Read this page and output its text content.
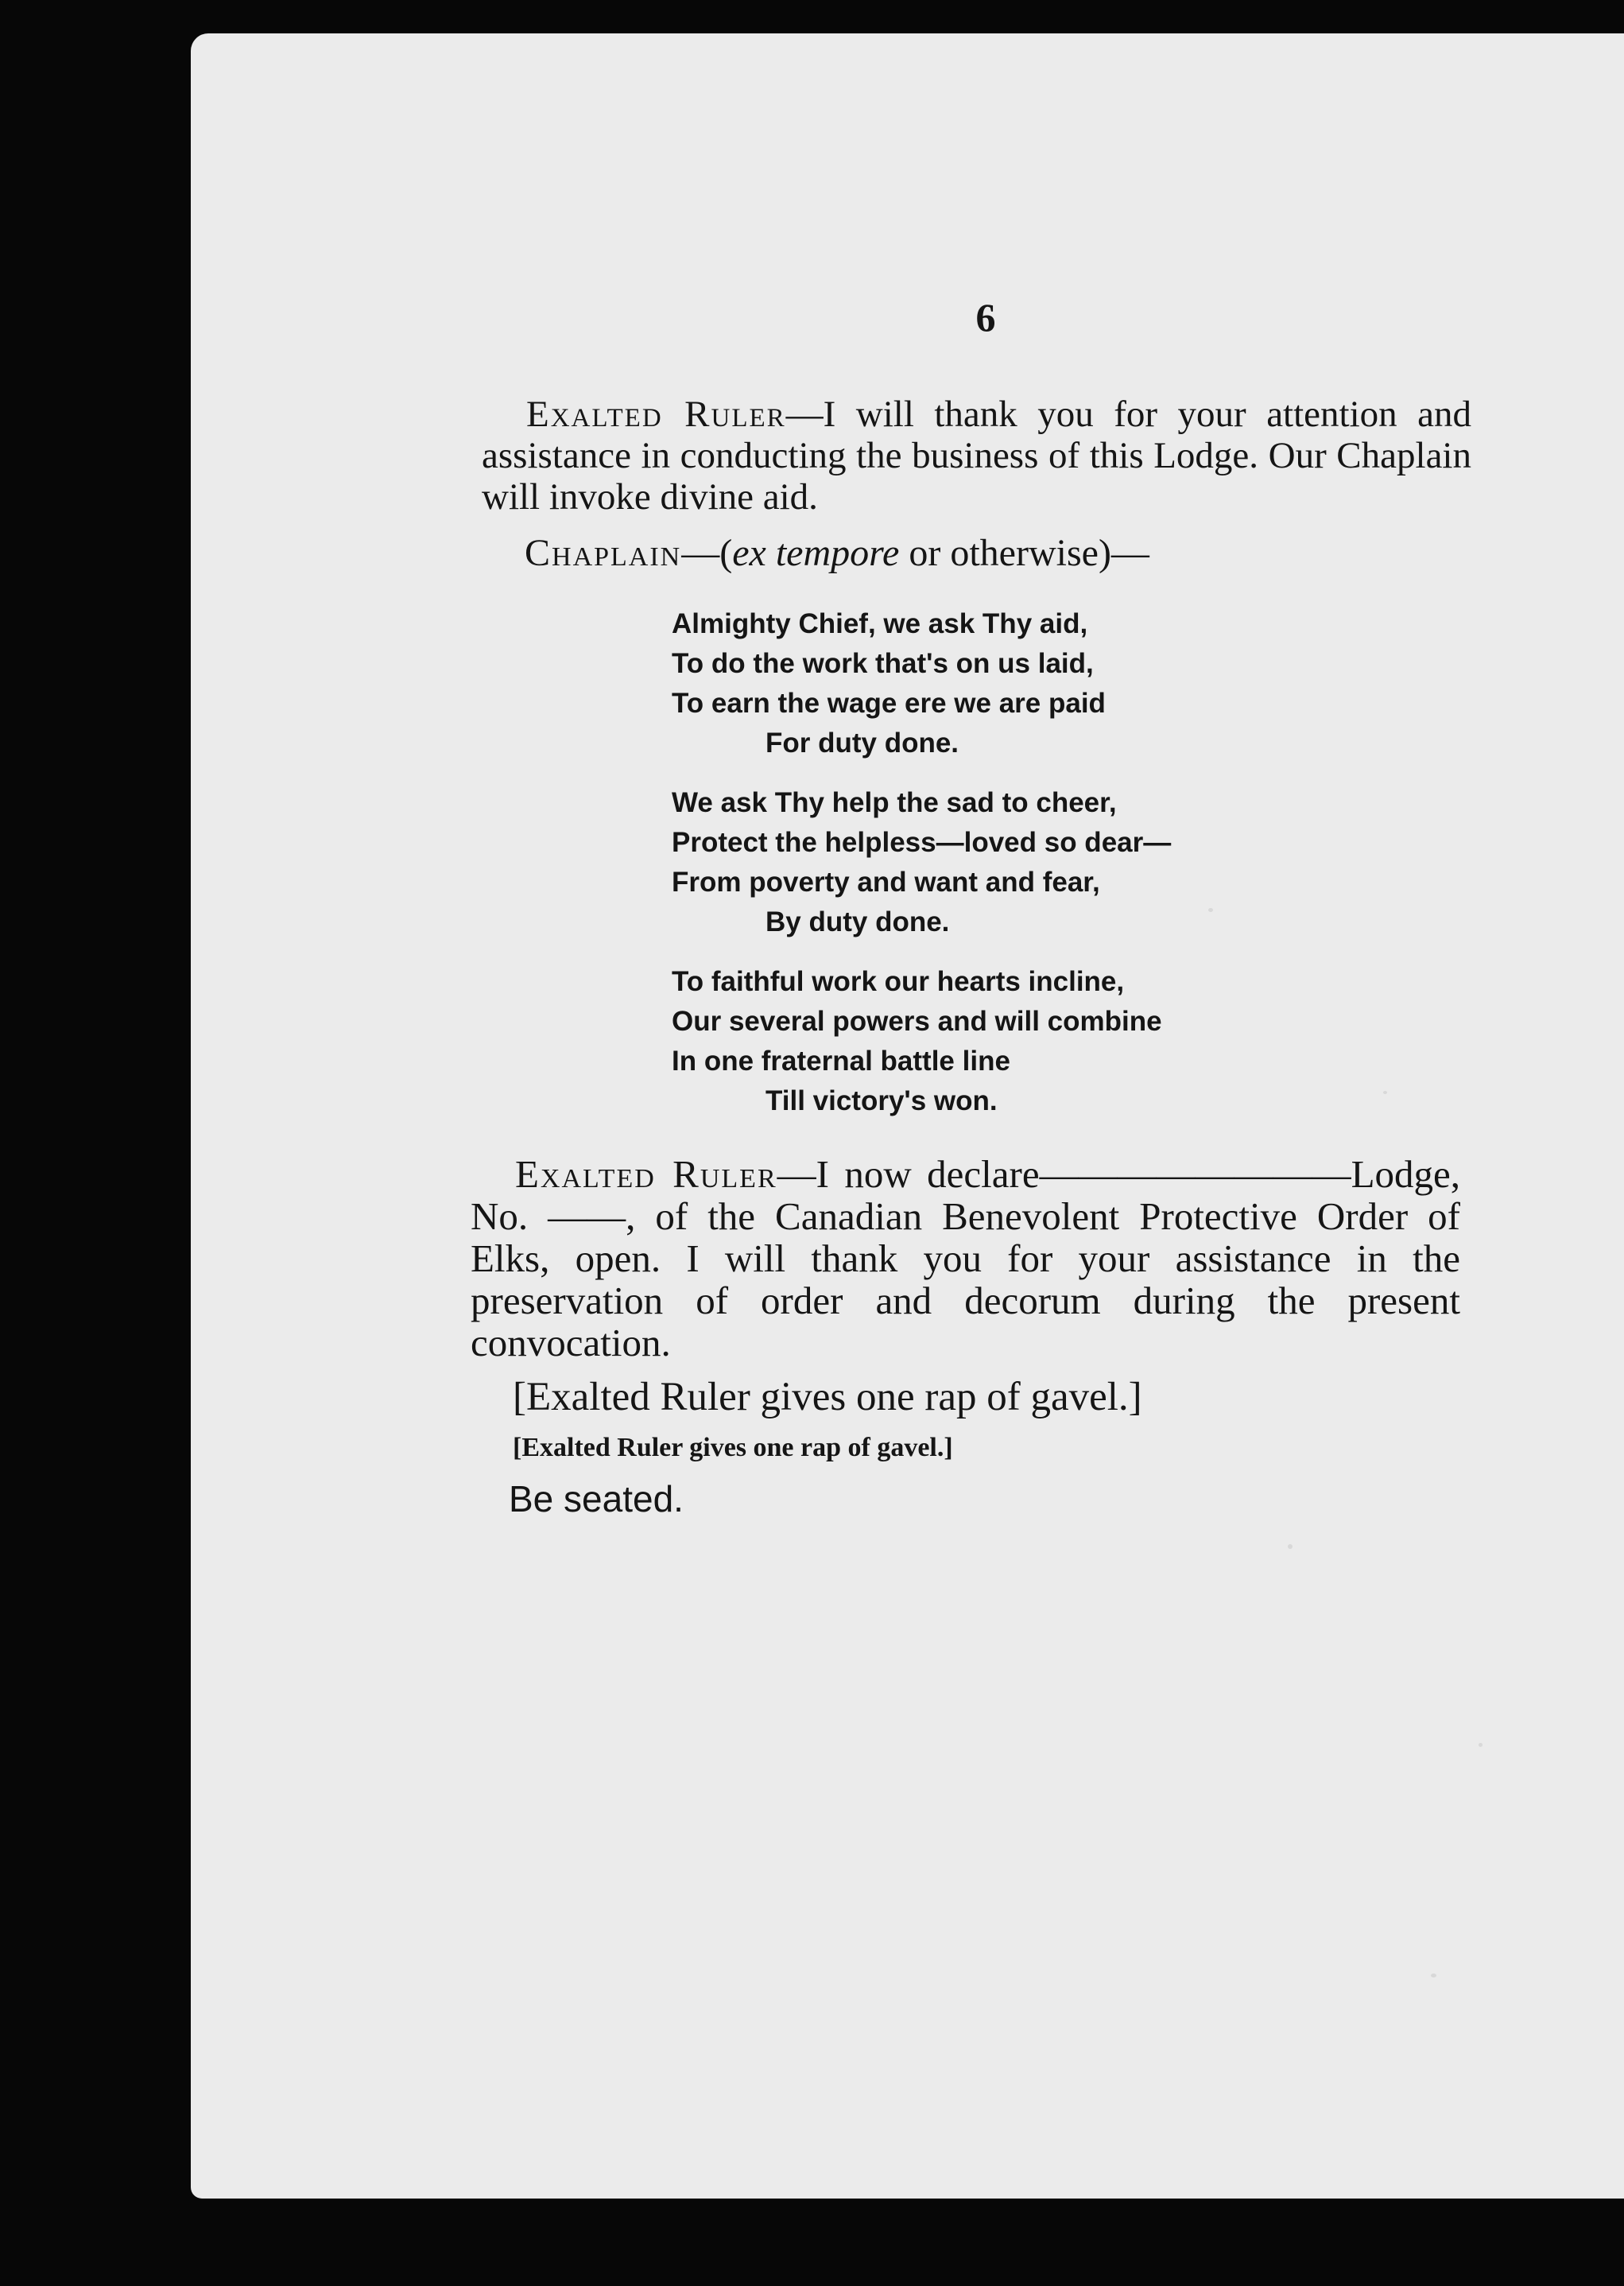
6

Exalted Ruler—I will thank you for your attention and assistance in conducting the business of this Lodge. Our Chaplain will invoke divine aid.

Chaplain—(ex tempore or otherwise)—

Almighty Chief, we ask Thy aid,
To do the work that's on us laid,
To earn the wage ere we are paid
For duty done.
We ask Thy help the sad to cheer,
Protect the helpless—loved so dear—
From poverty and want and fear,
By duty done.
To faithful work our hearts incline,
Our several powers and will combine
In one fraternal battle line
Till victory's won.

Exalted Ruler—I now declare————————Lodge, No. ——, of the Canadian Benevolent Protective Order of Elks, open. I will thank you for your assistance in the preservation of order and decorum during the present convocation.

[Exalted Ruler gives one rap of gavel.]
[Exalted Ruler gives one rap of gavel.]
Be seated.
